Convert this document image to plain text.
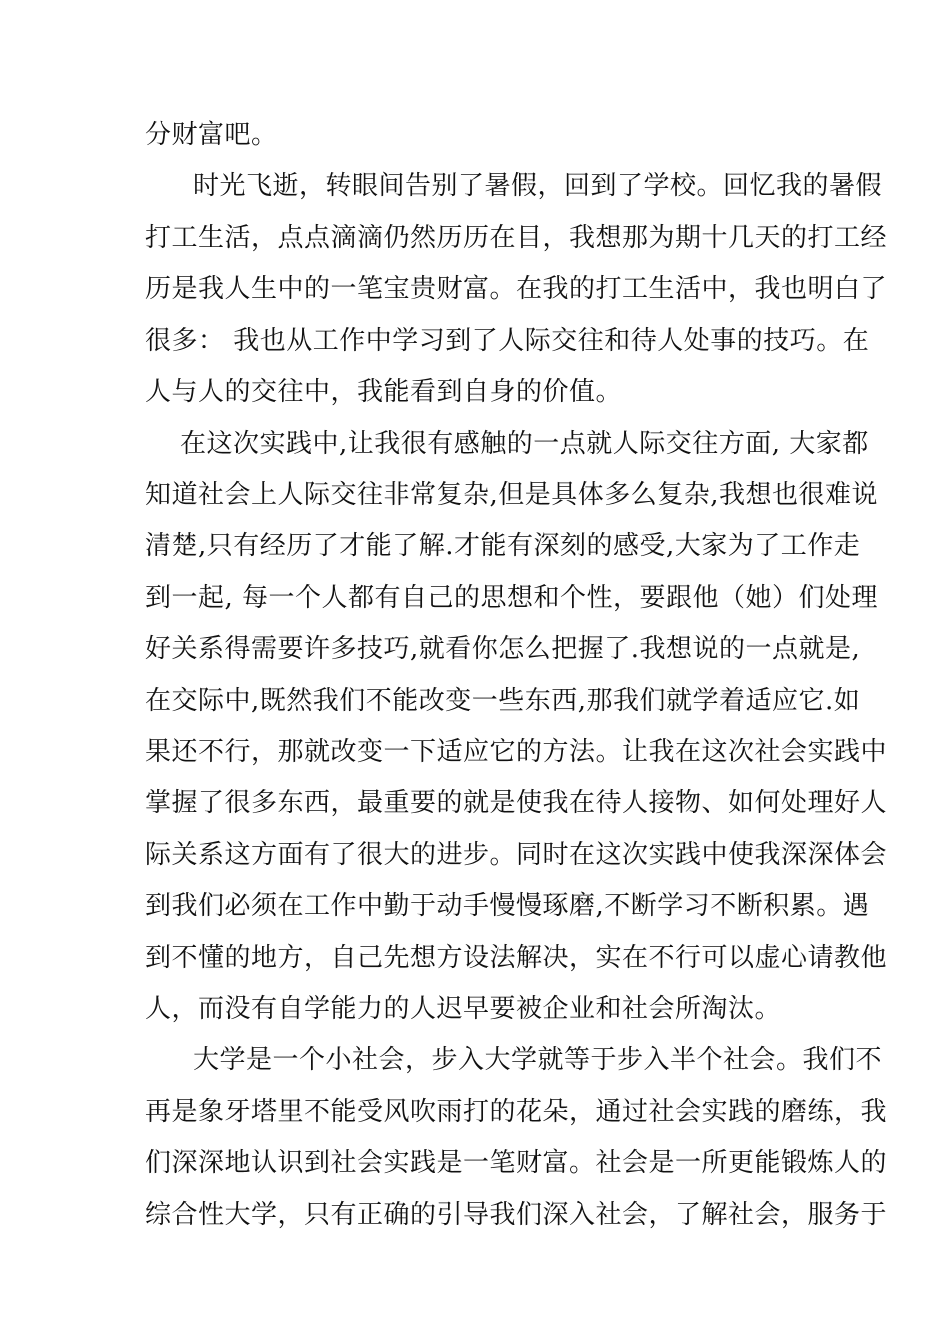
分财富吧。
时光飞逝，转眼间告别了暑假，回到了学校。回忆我的暑假
打工生活，点点滴滴仍然历历在目，我想那为期十几天的打工经
历是我人生中的一笔宝贵财富。在我的打工生活中，我也明白了
很多： 我也从工作中学习到了人际交往和待人处事的技巧。在
人与人的交往中，我能看到自身的价值。
在这次实践中,让我很有感触的一点就人际交往方面, 大家都
知道社会上人际交往非常复杂,但是具体多么复杂,我想也很难说
清楚,只有经历了才能了解.才能有深刻的感受,大家为了工作走
到一起, 每一个人都有自己的思想和个性，要跟他（她）们处理
好关系得需要许多技巧,就看你怎么把握了.我想说的一点就是,
在交际中,既然我们不能改变一些东西,那我们就学着适应它.如
果还不行，那就改变一下适应它的方法。让我在这次社会实践中
掌握了很多东西，最重要的就是使我在待人接物、如何处理好人
际关系这方面有了很大的进步。同时在这次实践中使我深深体会
到我们必须在工作中勤于动手慢慢琢磨,不断学习不断积累。遇
到不懂的地方，自己先想方设法解决，实在不行可以虚心请教他
人，而没有自学能力的人迟早要被企业和社会所淘汰。
大学是一个小社会，步入大学就等于步入半个社会。我们不
再是象牙塔里不能受风吹雨打的花朵，通过社会实践的磨练，我
们深深地认识到社会实践是一笔财富。社会是一所更能锻炼人的
综合性大学，只有正确的引导我们深入社会，了解社会，服务于
